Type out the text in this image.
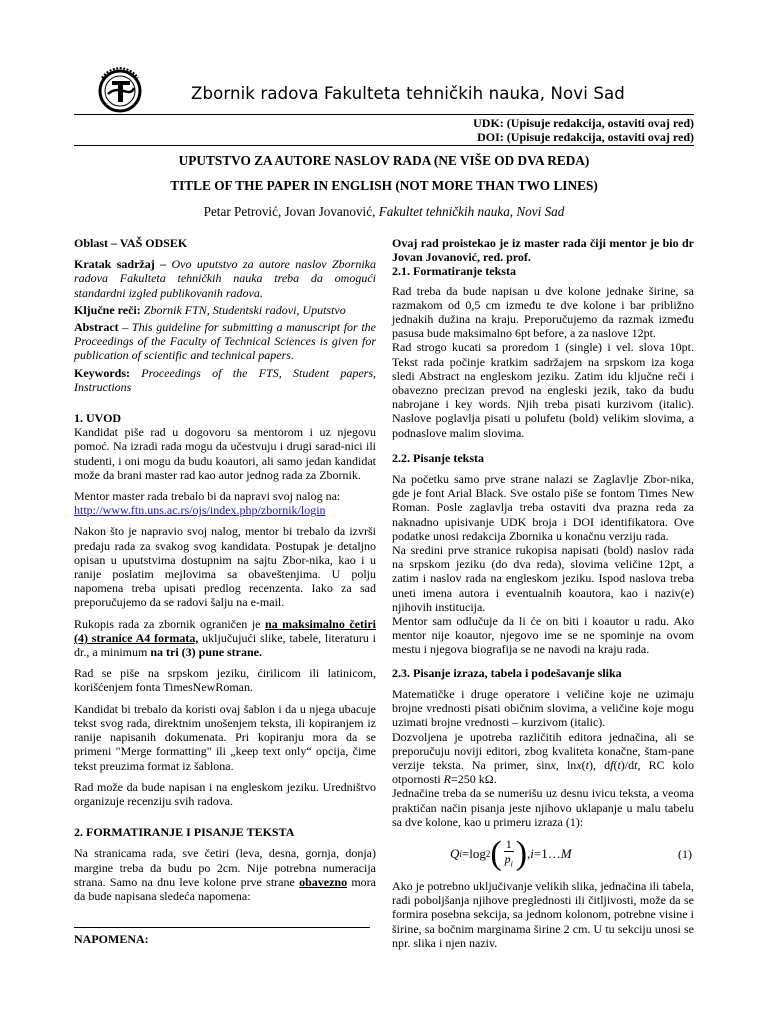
Zbornik radova Fakulteta tehničkih nauka, Novi Sad
UDK: (Upisuje redakcija, ostaviti ovaj red)
DOI: (Upisuje redakcija, ostaviti ovaj red)
UPUTSTVO ZA AUTORE NASLOV RADA (NE VIŠE OD DVA REDA)
TITLE OF THE PAPER IN ENGLISH (NOT MORE THAN TWO LINES)
Petar Petrović, Jovan Jovanović, Fakultet tehničkih nauka, Novi Sad

Oblast – VAŠ ODSEK

Kratak sadržaj – Ovo uputstvo za autore naslov Zbornika radova Fakulteta tehničkih nauka treba da omogući standardni izgled publikovanih radova.

Ključne reči: Zbornik FTN, Studentski radovi, Uputstvo

Abstract – This guideline for submitting a manuscript for the Proceedings of the Faculty of Technical Sciences is given for publication of scientific and technical papers.

Keywords: Proceedings of the FTS, Student papers, Instructions

1. UVOD

Kandidat piše rad u dogovoru sa mentorom i uz njegovu pomoć. Na izradi rada mogu da učestvuju i drugi sarad-nici ili studenti, i oni mogu da budu koautori, ali samo jedan kandidat može da brani master rad kao autor jednog rada za Zbornik.

Mentor master rada trebalo bi da napravi svoj nalog na:

http://www.ftn.uns.ac.rs/ojs/index.php/zbornik/login

Nakon što je napravio svoj nalog, mentor bi trebalo da izvrši predaju rada za svakog svog kandidata. Postupak je detaljno opisan u uputstvima dostupnim na sajtu Zbor-nika, kao i u ranije poslatim mejlovima sa obaveštenjima. U polju napomena treba upisati predlog recenzenta. Iako za sad preporučujemo da se radovi šalju na e-mail.

Rukopis rada za zbornik ograničen je na maksimalno četiri (4) stranice A4 formata, uključujući slike, tabele, literaturu i dr., a minimum na tri (3) pune strane.

Rad se piše na srpskom jeziku, ćirilicom ili latinicom, korišćenjem fonta TimesNewRoman.

Kandidat bi trebalo da koristi ovaj šablon i da u njega ubacuje tekst svog rada, direktnim unošenjem teksta, ili kopiranjem iz ranije napisanih dokumenata. Pri kopiranju mora da se primeni "Merge formatting" ili „keep text only“ opcija, čime tekst preuzima format iz šablona.

Rad može da bude napisan i na engleskom jeziku. Uredništvo organizuje recenziju svih radova.

2. FORMATIRANJE I PISANJE TEKSTA

Na stranicama rada, sve četiri (leva, desna, gornja, donja) margine treba da budu po 2cm. Nije potrebna numeracija strana. Samo na dnu leve kolone prve strane obavezno mora da bude napisana sledeća napomena:

NAPOMENA:

Ovaj rad proistekao je iz master rada čiji mentor je bio dr Jovan Jovanović, red. prof.

2.1. Formatiranje teksta

Rad treba da bude napisan u dve kolone jednake širine, sa razmakom od 0,5 cm između te dve kolone i bar približno jednakih dužina na kraju. Preporučujemo da razmak između pasusa bude maksimalno 6pt before, a za naslove 12pt.

Rad strogo kucati sa proredom 1 (single) i vel. slova 10pt. Tekst rada počinje kratkim sadržajem na srpskom iza koga sledi Abstract na engleskom jeziku. Zatim idu ključne reči i obavezno precizan prevod na engleski jezik, tako da budu nabrojane i key words. Njih treba pisati kurzivom (italic). Naslove poglavlja pisati u polufetu (bold) velikim slovima, a podnaslove malim slovima.

2.2. Pisanje teksta

Na početku samo prve strane nalazi se Zaglavlje Zbor-nika, gde je font Arial Black. Sve ostalo piše se fontom Times New Roman. Posle zaglavlja treba ostaviti dva prazna reda za naknadno upisivanje UDK broja i DOI identifikatora. Ove podatke unosi redakcija Zbornika u konačnu verziju rada.

Na sredini prve stranice rukopisa napisati (bold) naslov rada na srpskom jeziku (do dva reda), slovima veličine 12pt, a zatim i naslov rada na engleskom jeziku. Ispod naslova treba uneti imena autora i eventualnih koautora, kao i naziv(e) njihovih institucija.

Mentor sam odlučuje da li će on biti i koautor u radu. Ako mentor nije koautor, njegovo ime se ne spominje na ovom mestu i njegova biografija se ne navodi na kraju rada.

2.3. Pisanje izraza, tabela i podešavanje slika

Matematičke i druge operatore i veličine koje ne uzimaju brojne vrednosti pisati običnim slovima, a veličine koje mogu uzimati brojne vrednosti – kurzivom (italic).

Dozvoljena je upotreba različitih editora jednačina, ali se preporučuju noviji editori, zbog kvaliteta konačne, štam-pane verzije teksta. Na primer, sinx, lnx(t), df(t)/dt, RC kolo otpornosti R=250 kΩ.

Jednačine treba da se numerišu uz desnu ivicu teksta, a veoma praktičan način pisanja jeste njihovo uklapanje u malu tabelu sa dve kolone, kao u primeru izraza (1):

Q i =log 2 ( $\frac{1}{p_i}$ ) , i =1… M	(1)

Ako je potrebno uključivanje velikih slika, jednačina ili tabela, radi poboljšanja njihove preglednosti ili čitljivosti, može da se formira posebna sekcija, sa jednom kolonom, potrebne visine i širine, sa bočnim marginama širine 2 cm. U tu sekciju unosi se npr. slika i njen naziv.
